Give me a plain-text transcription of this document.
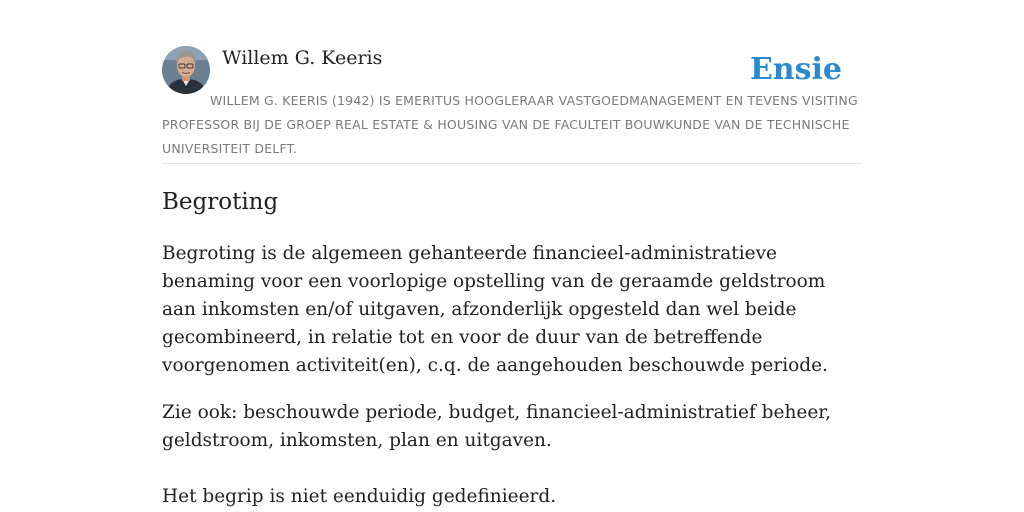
Willem G. Keeris	Ensie

WILLEM G. KEERIS (1942) IS EMERITUS HOOGLERAAR VASTGOEDMANAGEMENT EN TEVENS VISITING PROFESSOR BIJ DE GROEP REAL ESTATE & HOUSING VAN DE FACULTEIT BOUWKUNDE VAN DE TECHNISCHE UNIVERSITEIT DELFT.

Begroting

Begroting is de algemeen gehanteerde financieel-administratieve benaming voor een voorlopige opstelling van de geraamde geldstroom aan inkomsten en/of uitgaven, afzonderlijk opgesteld dan wel beide gecombineerd, in relatie tot en voor de duur van de betreffende voorgenomen activiteit(en), c.q. de aangehouden beschouwde periode.

Zie ook: beschouwde periode, budget, financieel-administratief beheer, geldstroom, inkomsten, plan en uitgaven.

Het begrip is niet eenduidig gedefinieerd.
